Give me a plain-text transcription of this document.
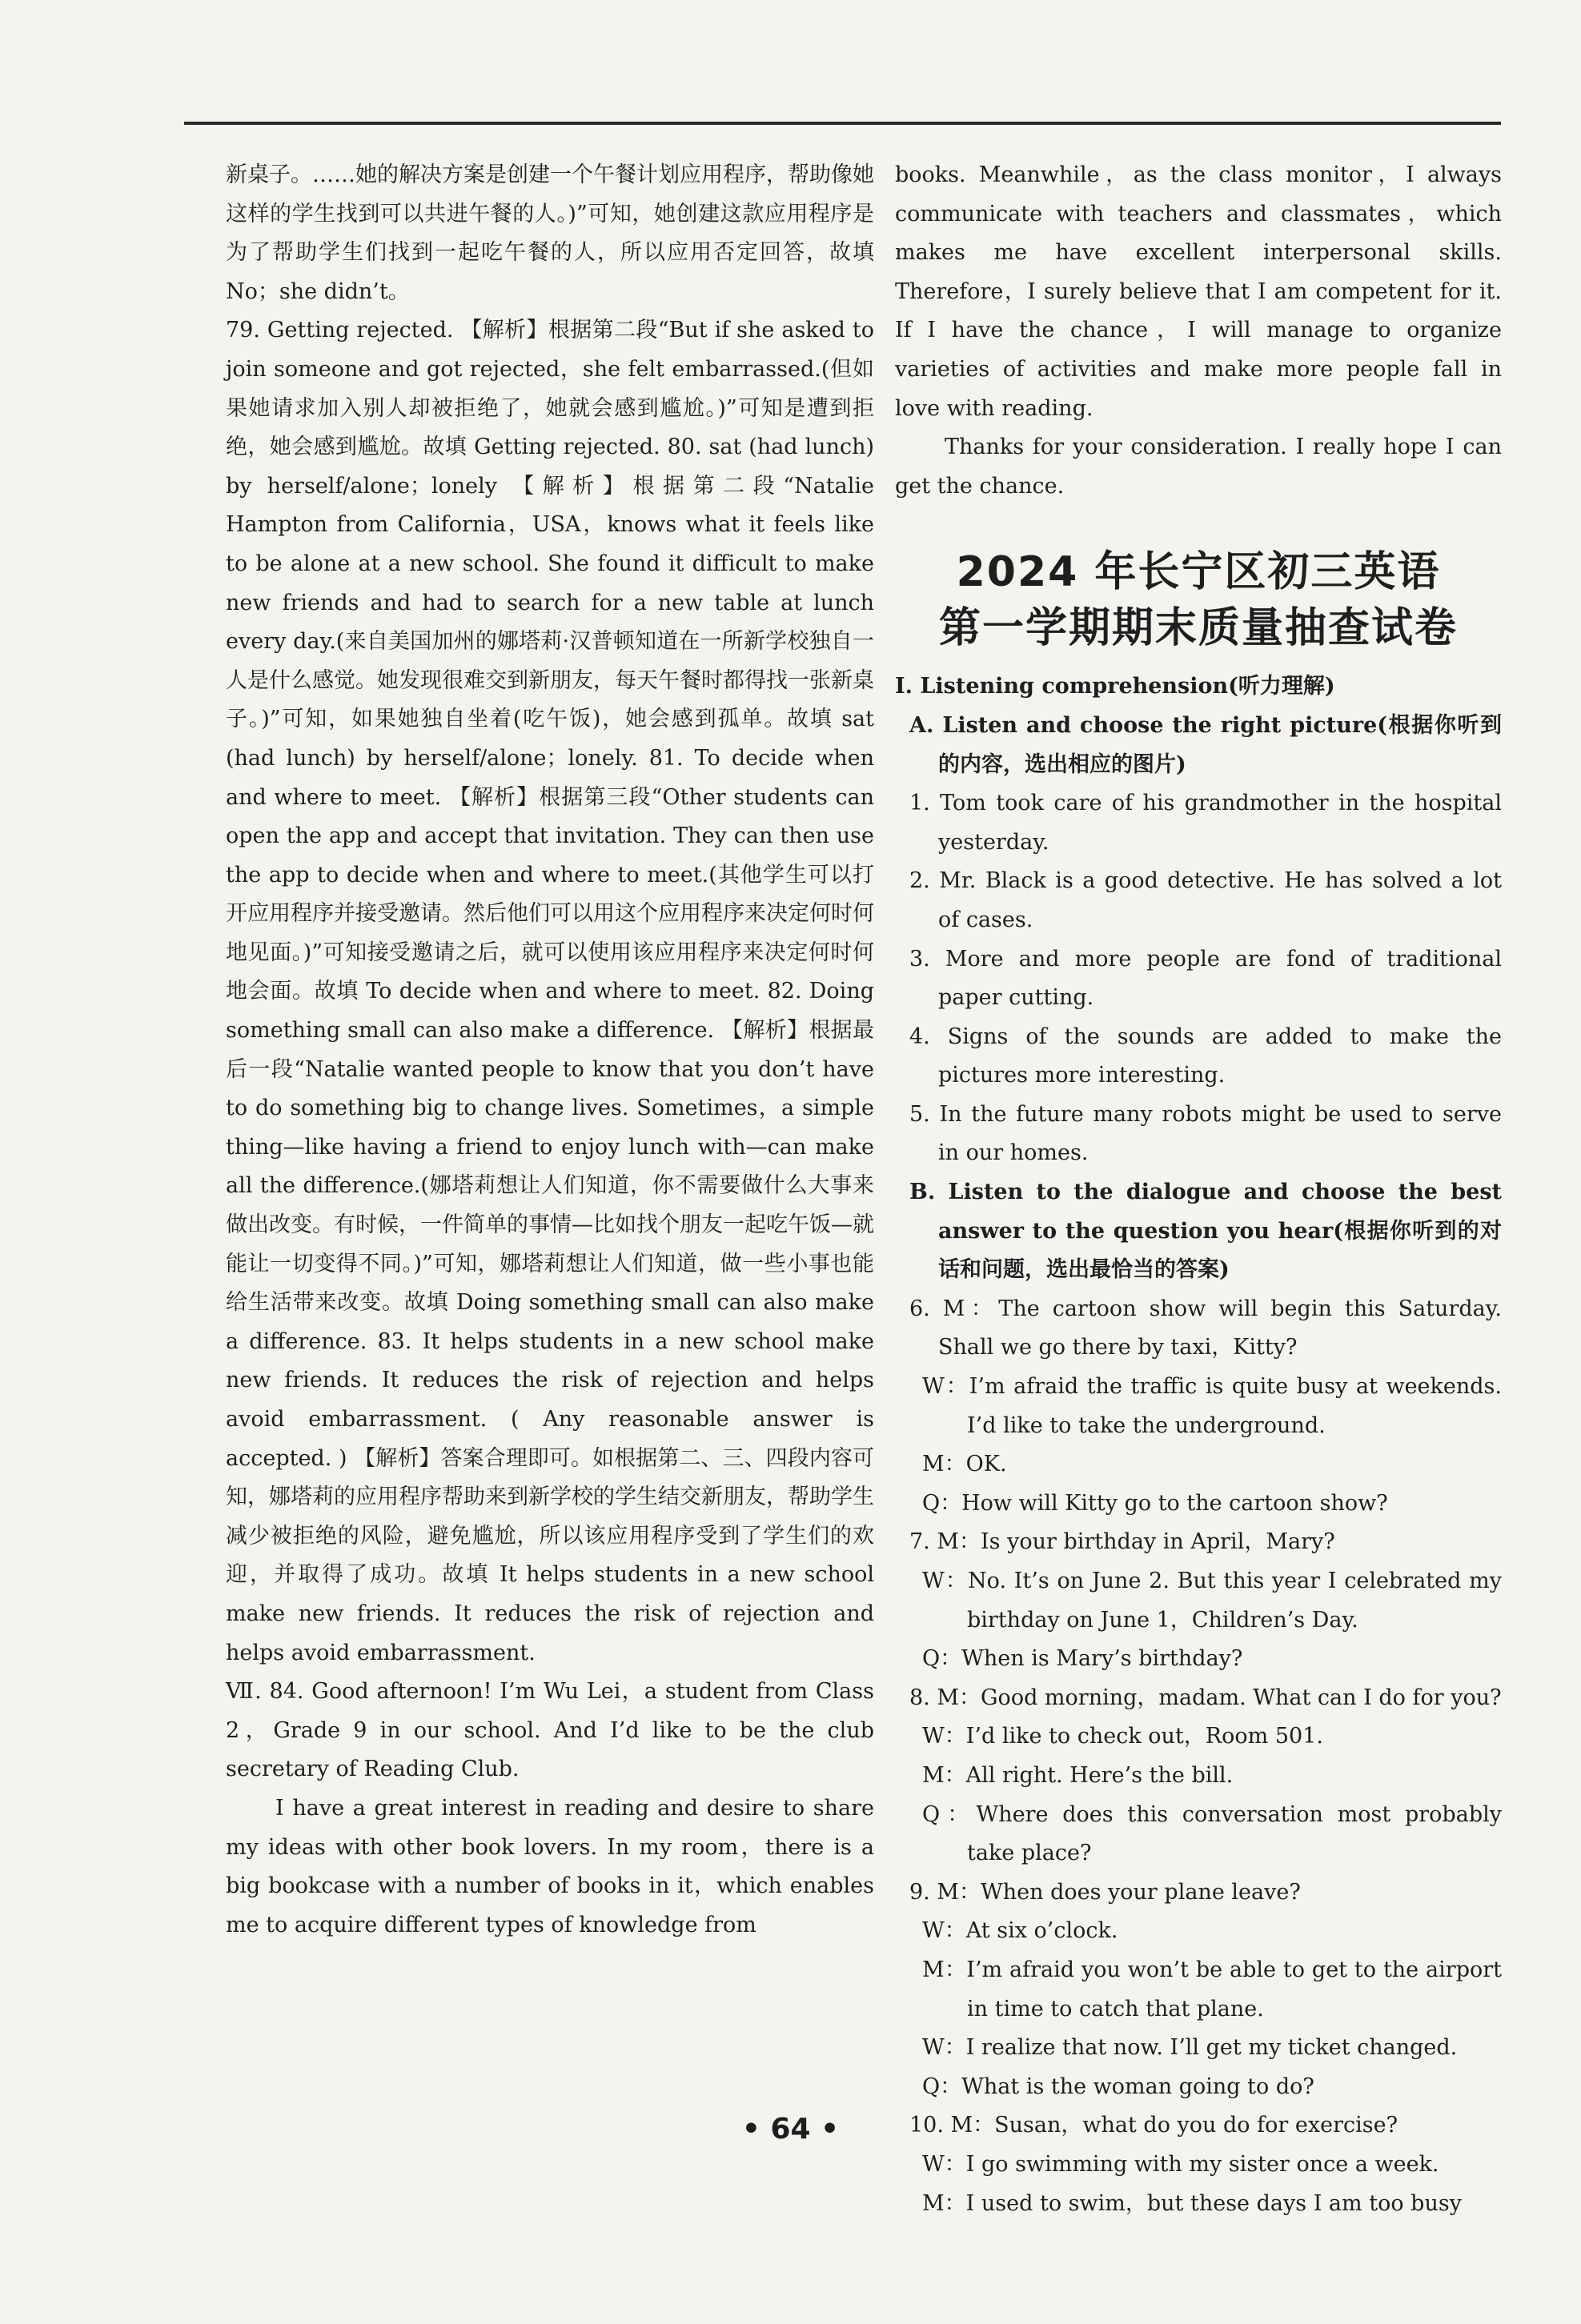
新桌子。……她的解决方案是创建一个午餐计划应用程序，帮助像她这样的学生找到可以共进午餐的人。)”可知，她创建这款应用程序是为了帮助学生们找到一起吃午餐的人，所以应用否定回答，故填 No；she didn’t。

79. Getting rejected. 【解析】根据第二段“But if she asked to join someone and got rejected，she felt embarrassed.(但如果她请求加入别人却被拒绝了，她就会感到尴尬。)”可知是遭到拒绝，她会感到尴尬。故填 Getting rejected. 80. sat (had lunch) by herself/alone；lonely 【解析】根据第二段“Natalie Hampton from California，USA，knows what it feels like to be alone at a new school. She found it difficult to make new friends and had to search for a new table at lunch every day.(来自美国加州的娜塔莉·汉普顿知道在一所新学校独自一人是什么感觉。她发现很难交到新朋友，每天午餐时都得找一张新桌子。)”可知，如果她独自坐着(吃午饭)，她会感到孤单。故填 sat (had lunch) by herself/alone；lonely. 81. To decide when and where to meet. 【解析】根据第三段“Other students can open the app and accept that invitation. They can then use the app to decide when and where to meet.(其他学生可以打开应用程序并接受邀请。然后他们可以用这个应用程序来决定何时何地见面。)”可知接受邀请之后，就可以使用该应用程序来决定何时何地会面。故填 To decide when and where to meet. 82. Doing something small can also make a difference. 【解析】根据最后一段“Natalie wanted people to know that you don’t have to do something big to change lives. Sometimes，a simple thing—like having a friend to enjoy lunch with—can make all the difference.(娜塔莉想让人们知道，你不需要做什么大事来做出改变。有时候，一件简单的事情—比如找个朋友一起吃午饭—就能让一切变得不同。)”可知，娜塔莉想让人们知道，做一些小事也能给生活带来改变。故填 Doing something small can also make a difference. 83. It helps students in a new school make new friends. It reduces the risk of rejection and helps avoid embarrassment. ( Any reasonable answer is accepted. ) 【解析】答案合理即可。如根据第二、三、四段内容可知，娜塔莉的应用程序帮助来到新学校的学生结交新朋友，帮助学生减少被拒绝的风险，避免尴尬，所以该应用程序受到了学生们的欢迎，并取得了成功。故填 It helps students in a new school make new friends. It reduces the risk of rejection and helps avoid embarrassment.

Ⅶ. 84. Good afternoon! I’m Wu Lei，a student from Class 2，Grade 9 in our school. And I’d like to be the club secretary of Reading Club.

I have a great interest in reading and desire to share my ideas with other book lovers. In my room，there is a big bookcase with a number of books in it，which enables me to acquire different types of knowledge from

books. Meanwhile，as the class monitor，I always communicate with teachers and classmates，which makes me have excellent interpersonal skills. Therefore，I surely believe that I am competent for it. If I have the chance，I will manage to organize varieties of activities and make more people fall in love with reading.

Thanks for your consideration. I really hope I can get the chance.

2024 年长宁区初三英语
第一学期期末质量抽查试卷

Ⅰ. Listening comprehension(听力理解)

A. Listen and choose the right picture(根据你听到的内容，选出相应的图片)

1. Tom took care of his grandmother in the hospital yesterday.

2. Mr. Black is a good detective. He has solved a lot of cases.

3. More and more people are fond of traditional paper cutting.

4. Signs of the sounds are added to make the pictures more interesting.

5. In the future many robots might be used to serve in our homes.

B. Listen to the dialogue and choose the best answer to the question you hear(根据你听到的对话和问题，选出最恰当的答案)

6. M：The cartoon show will begin this Saturday. Shall we go there by taxi，Kitty?

W：I’m afraid the traffic is quite busy at weekends. I’d like to take the underground.

M：OK.

Q：How will Kitty go to the cartoon show?

7. M：Is your birthday in April，Mary?

W：No. It’s on June 2. But this year I celebrated my birthday on June 1，Children’s Day.

Q：When is Mary’s birthday?

8. M：Good morning，madam. What can I do for you?

W：I’d like to check out，Room 501.

M：All right. Here’s the bill.

Q：Where does this conversation most probably take place?

9. M：When does your plane leave?

W：At six o’clock.

M：I’m afraid you won’t be able to get to the airport in time to catch that plane.

W：I realize that now. I’ll get my ticket changed.

Q：What is the woman going to do?

10. M：Susan，what do you do for exercise?

W：I go swimming with my sister once a week.

M：I used to swim，but these days I am too busy

• 64 •
